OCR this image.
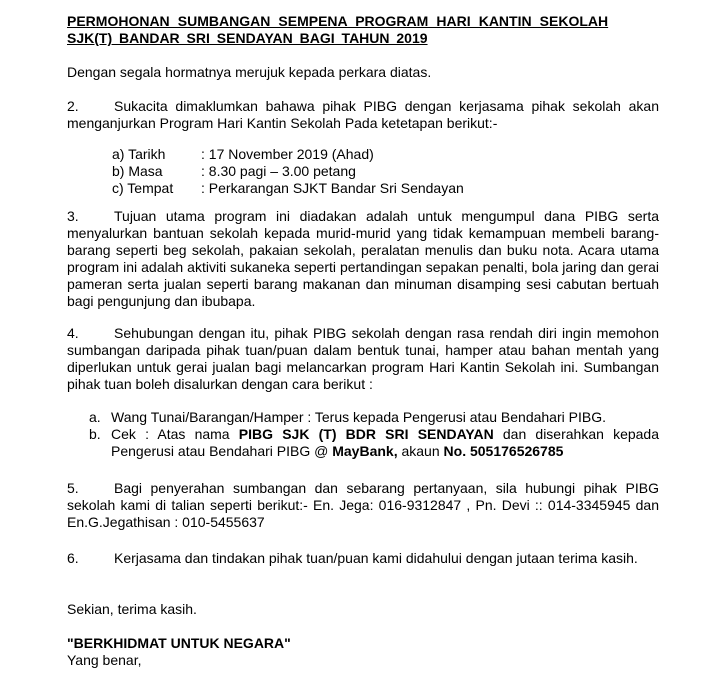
PERMOHONAN SUMBANGAN SEMPENA PROGRAM HARI KANTIN SEKOLAH
SJK(T) BANDAR SRI SENDAYAN BAGI TAHUN 2019

Dengan segala hormatnya merujuk kepada perkara diatas.

2.	Sukacita dimaklumkan bahawa pihak PIBG dengan kerjasama pihak sekolah akan menganjurkan Program Hari Kantin Sekolah Pada ketetapan berikut:-

a) Tarikh	: 17 November 2019 (Ahad)
b) Masa	: 8.30 pagi – 3.00 petang
c) Tempat	: Perkarangan SJKT Bandar Sri Sendayan

3.	Tujuan utama program ini diadakan adalah untuk mengumpul dana PIBG serta menyalurkan bantuan sekolah kepada murid-murid yang tidak kemampuan membeli barang-barang seperti beg sekolah, pakaian sekolah, peralatan menulis dan buku nota. Acara utama program ini adalah aktiviti sukaneka seperti pertandingan sepakan penalti, bola jaring dan gerai pameran serta jualan seperti barang makanan dan minuman disamping sesi cabutan bertuah bagi pengunjung dan ibubapa.

4.	Sehubungan dengan itu, pihak PIBG sekolah dengan rasa rendah diri ingin memohon sumbangan daripada pihak tuan/puan dalam bentuk tunai, hamper atau bahan mentah yang diperlukan untuk gerai jualan bagi melancarkan program Hari Kantin Sekolah ini. Sumbangan pihak tuan boleh disalurkan dengan cara berikut :

a. Wang Tunai/Barangan/Hamper : Terus kepada Pengerusi atau Bendahari PIBG.
b. Cek : Atas nama PIBG SJK (T) BDR SRI SENDAYAN dan diserahkan kepada Pengerusi atau Bendahari PIBG @ MayBank, akaun No. 505176526785

5.	Bagi penyerahan sumbangan dan sebarang pertanyaan, sila hubungi pihak PIBG sekolah kami di talian seperti berikut:- En. Jega: 016-9312847 , Pn. Devi :: 014-3345945 dan En.G.Jegathisan : 010-5455637

6.	Kerjasama dan tindakan pihak tuan/puan kami didahului dengan jutaan terima kasih.

Sekian, terima kasih.

"BERKHIDMAT UNTUK NEGARA"

Yang benar,
